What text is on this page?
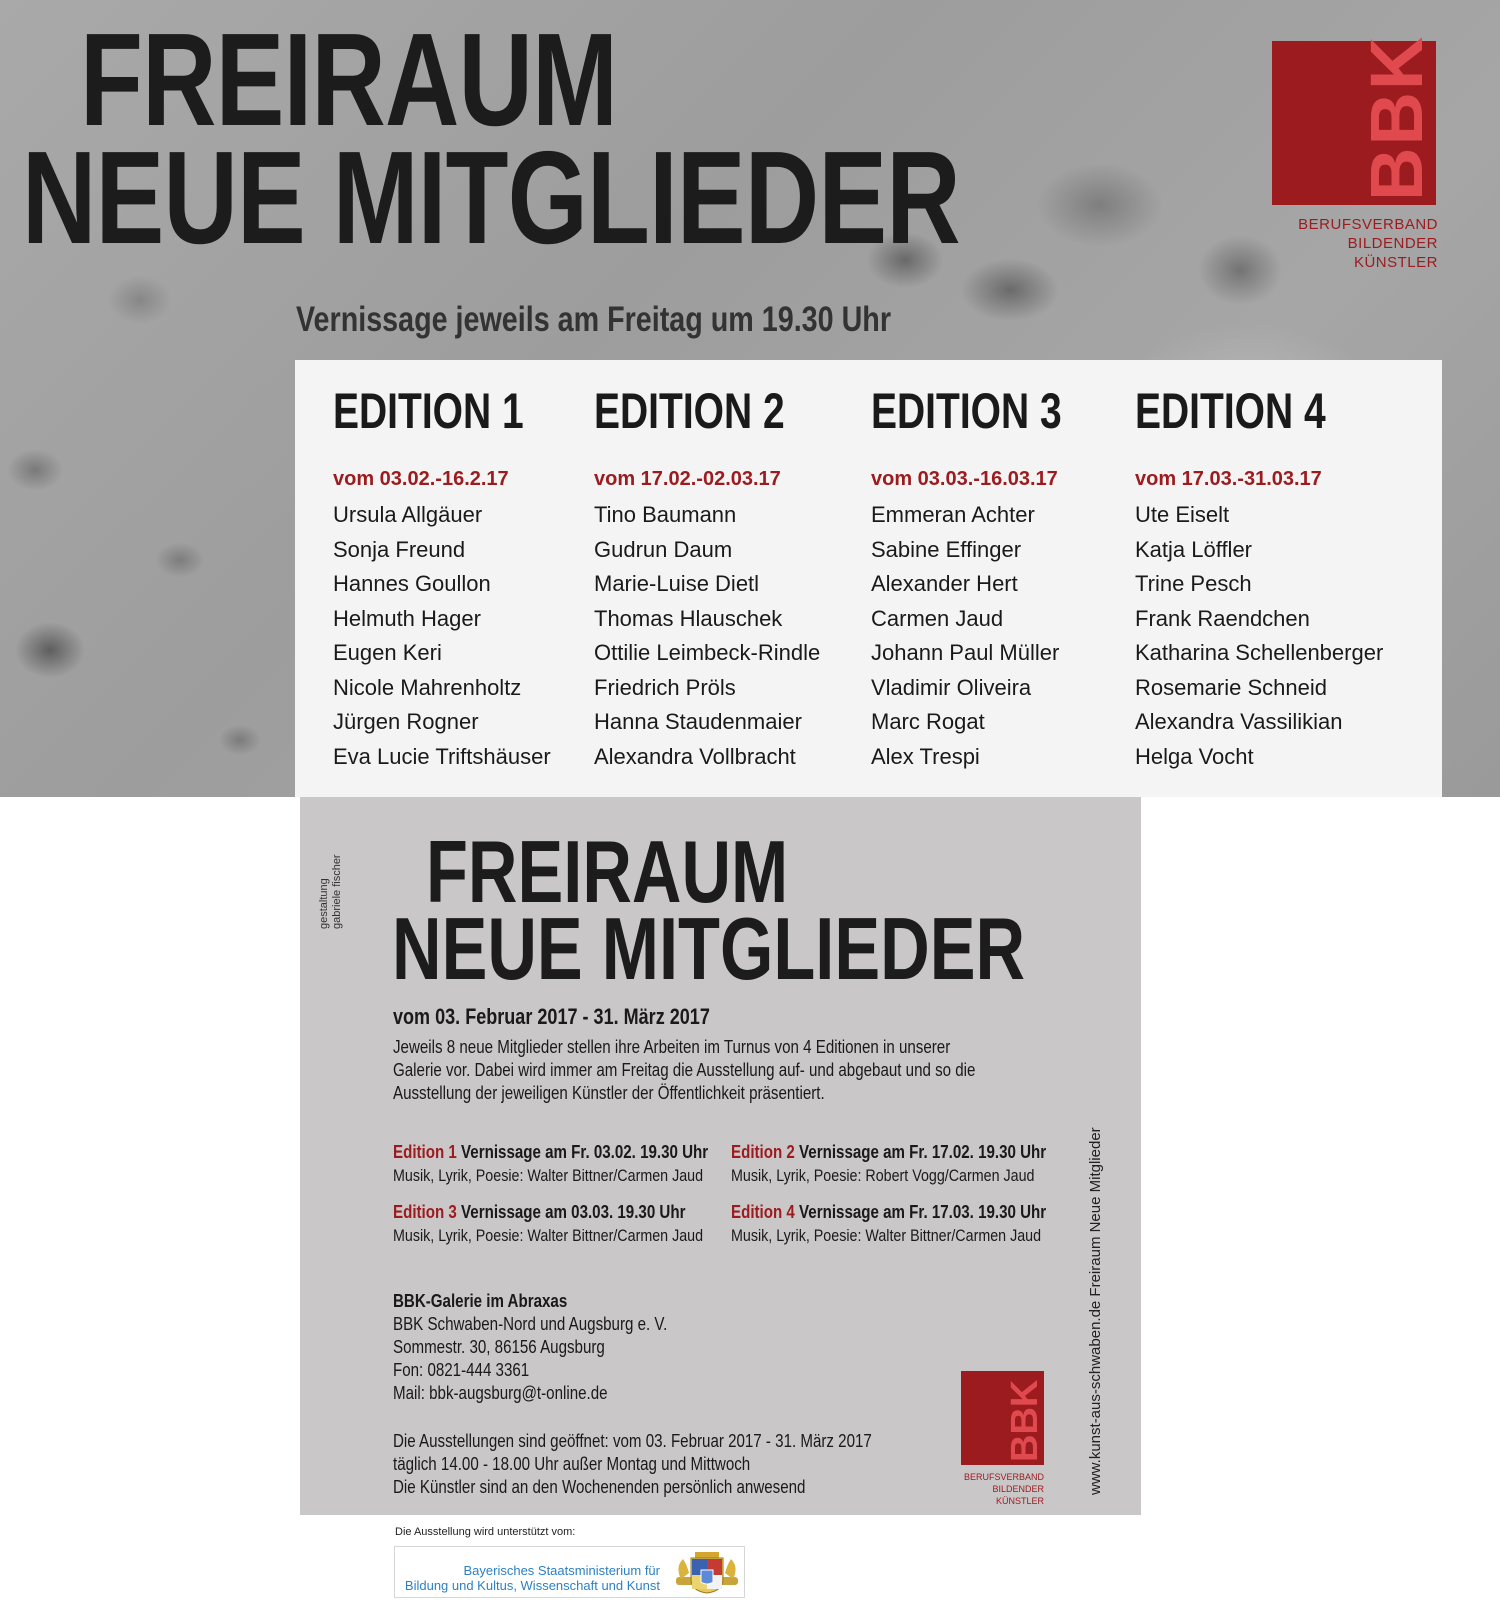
FREIRAUM
NEUE MITGLIEDER	BBK
BERUFSVERBAND
BILDENDER KÜNSTLER
Vernissage jeweils am Freitag um 19.30 Uhr
EDITION 1
vom 03.02.-16.2.17
Ursula Allgäuer
Sonja Freund
Hannes Goullon
Helmuth Hager
Eugen Keri
Nicole Mahrenholtz
Jürgen Rogner
Eva Lucie Triftshäuser
EDITION 2
vom 17.02.-02.03.17
Tino Baumann
Gudrun Daum
Marie-Luise Dietl
Thomas Hlauschek
Ottilie Leimbeck-Rindle
Friedrich Pröls
Hanna Staudenmaier
Alexandra Vollbracht
EDITION 3
vom 03.03.-16.03.17
Emmeran Achter
Sabine Effinger
Alexander Hert
Carmen Jaud
Johann Paul Müller
Vladimir Oliveira
Marc Rogat
Alex Trespi
EDITION 4
vom 17.03.-31.03.17
Ute Eiselt
Katja Löffler
Trine Pesch
Frank Raendchen
Katharina Schellenberger
Rosemarie Schneid
Alexandra Vassilikian
Helga Vocht
gestaltung gabriele fischer FREIRAUM
NEUE MITGLIEDER
vom 03. Februar 2017 - 31. März 2017

Jeweils 8 neue Mitglieder stellen ihre Arbeiten im Turnus von 4 Editionen in unserer Galerie vor. Dabei wird immer am Freitag die Ausstellung auf- und abgebaut und so die Ausstellung der jeweiligen Künstler der Öffentlichkeit präsentiert.

Edition 1 Vernissage am Fr. 03.02. 19.30 Uhr
Musik, Lyrik, Poesie: Walter Bittner/Carmen Jaud
Edition 2 Vernissage am Fr. 17.02. 19.30 Uhr
Musik, Lyrik, Poesie: Robert Vogg/Carmen Jaud
Edition 3 Vernissage am 03.03. 19.30 Uhr
Musik, Lyrik, Poesie: Walter Bittner/Carmen Jaud
Edition 4 Vernissage am Fr. 17.03. 19.30 Uhr
Musik, Lyrik, Poesie: Walter Bittner/Carmen Jaud
BBK-Galerie im Abraxas
BBK Schwaben-Nord und Augsburg e. V.
Sommestr. 30, 86156 Augsburg
Fon: 0821-444 3361
Mail: bbk-augsburg@t-online.de
Die Ausstellungen sind geöffnet: vom 03. Februar 2017 - 31. März 2017
täglich 14.00 - 18.00 Uhr außer Montag und Mittwoch
Die Künstler sind an den Wochenenden persönlich anwesend
BBK
BERUFSVERBAND
BILDENDER KÜNSTLER
www.kunst-aus-schwaben.de Freiraum Neue Mitglieder
Die Ausstellung wird unterstützt vom:
Bayerisches Staatsministerium für
Bildung und Kultus, Wissenschaft und Kunst
